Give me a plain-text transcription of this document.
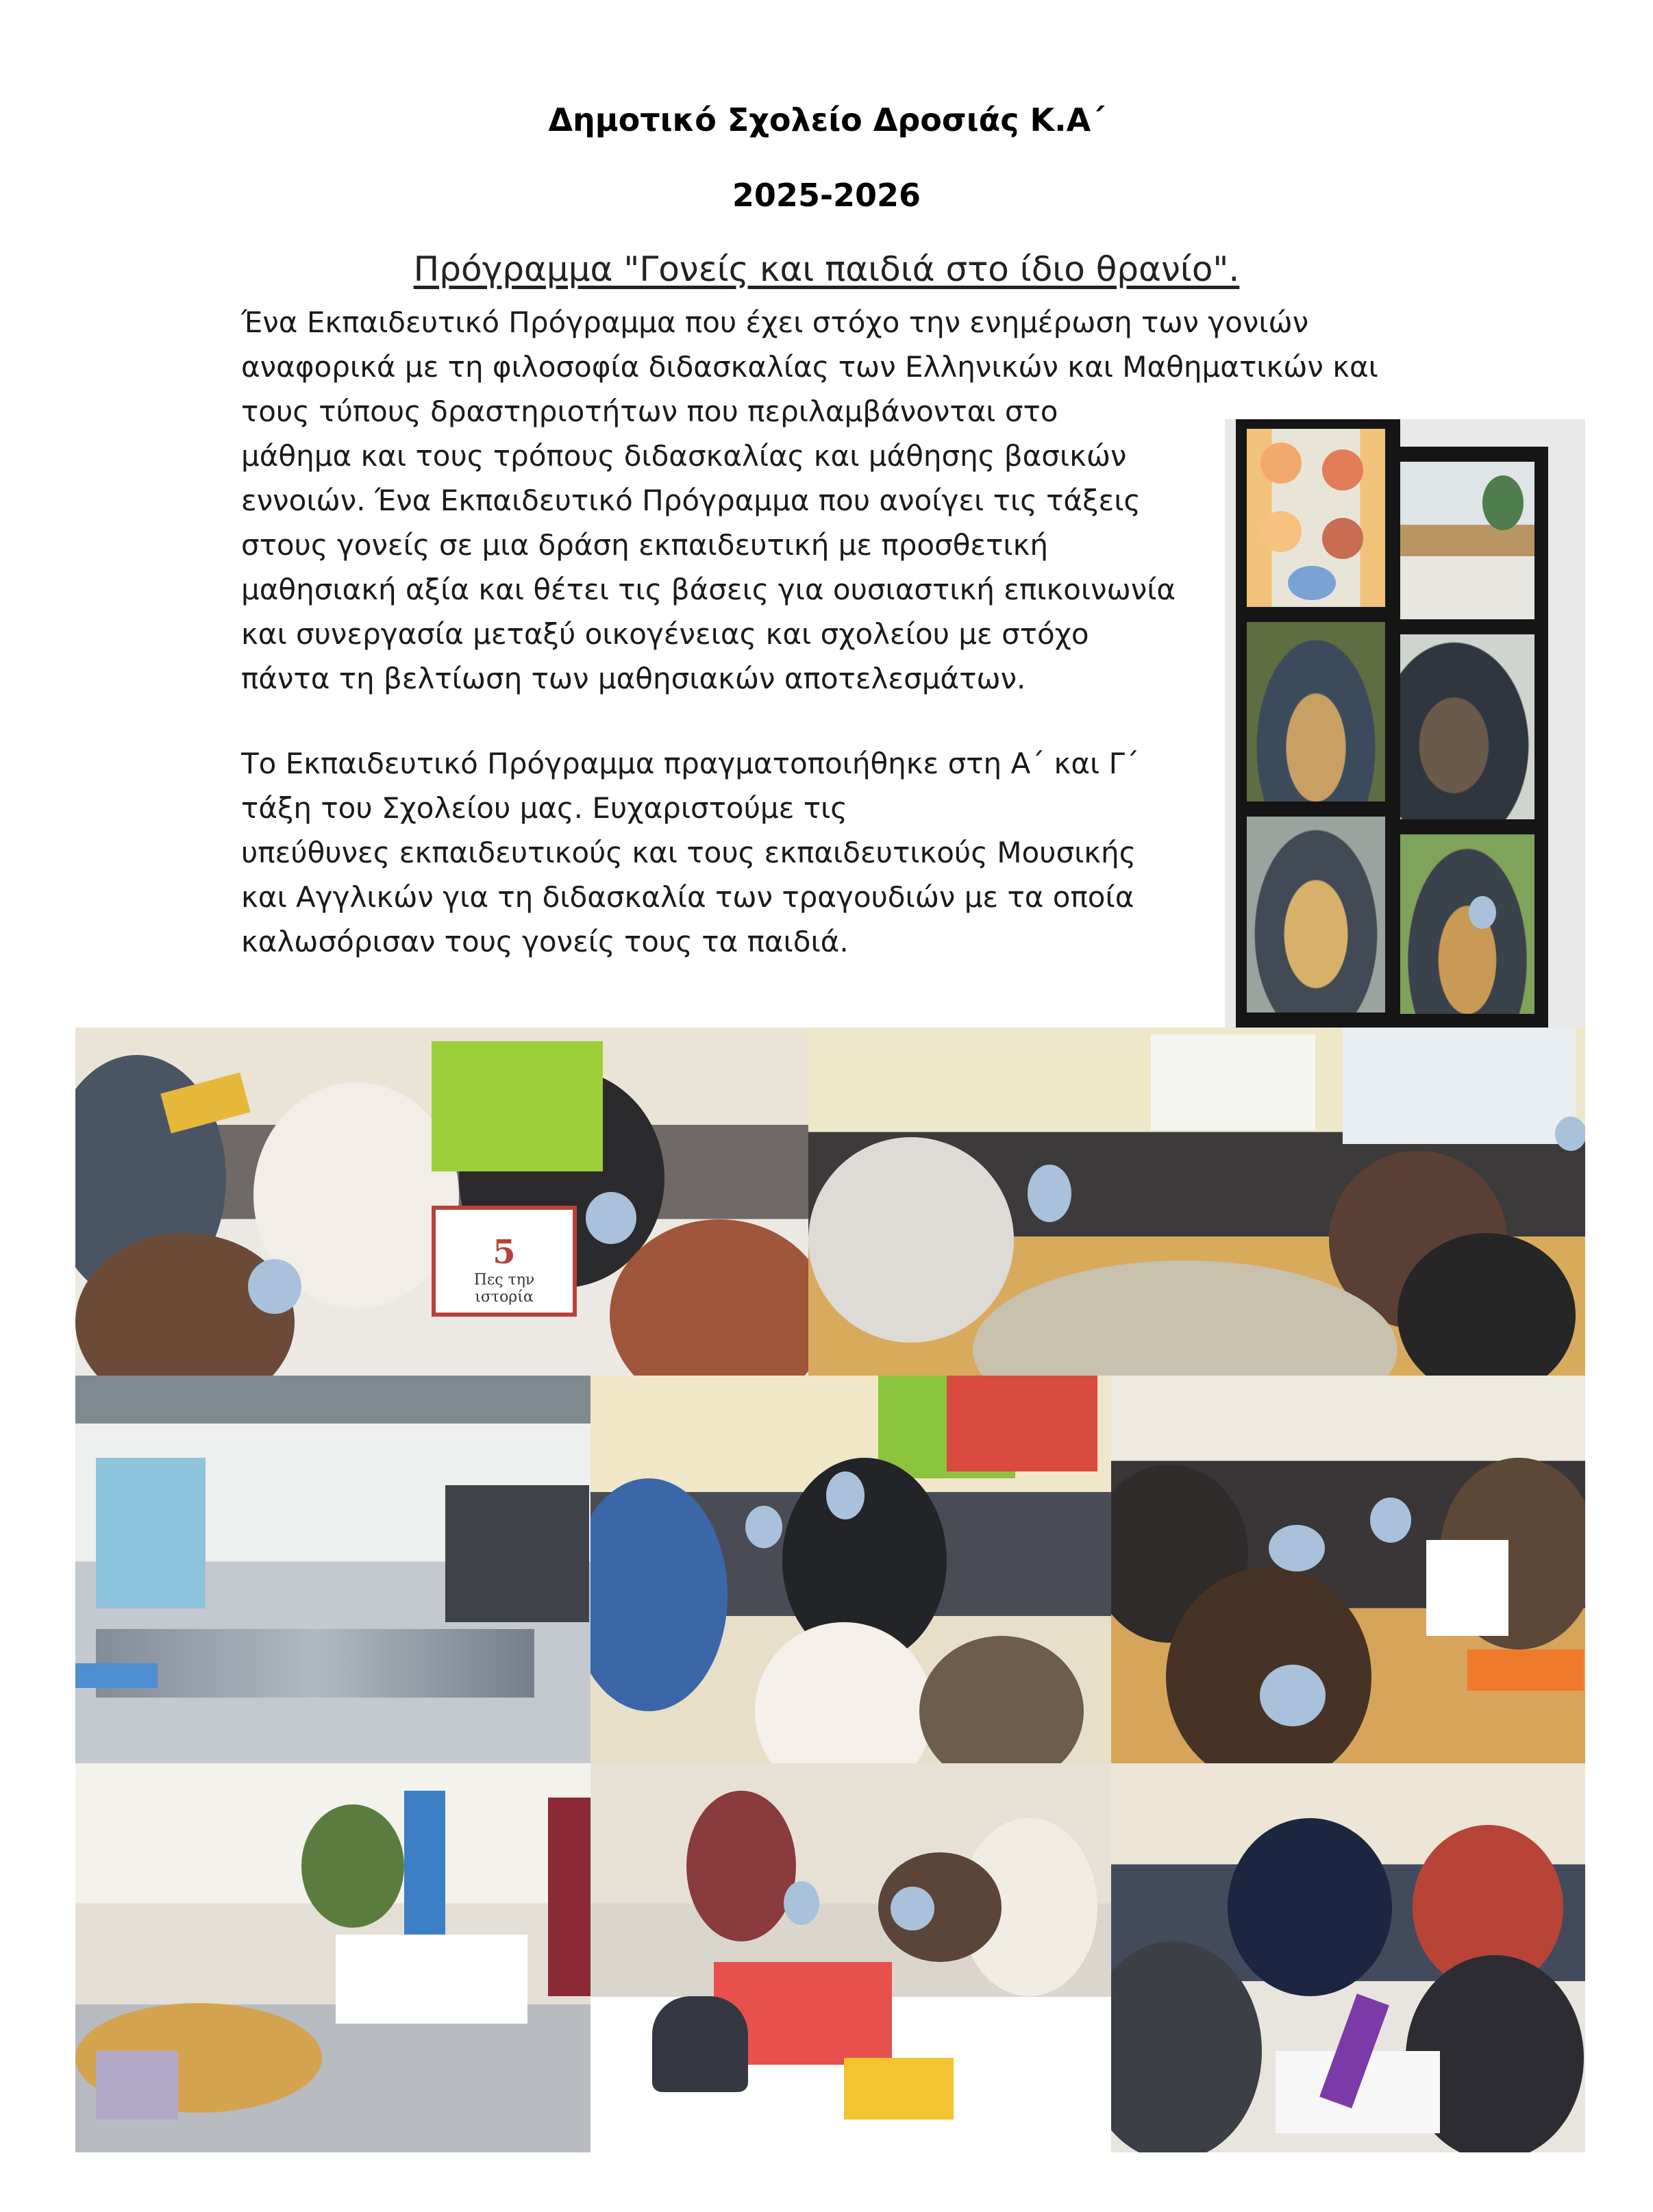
Δημοτικό Σχολείο Δροσιάς Κ.Α΄
2025-2026
Πρόγραμμα "Γονείς και παιδιά στο ίδιο θρανίο".

Ένα Εκπαιδευτικό Πρόγραμμα που έχει στόχο την ενημέρωση των γονιών
αναφορικά με τη φιλοσοφία διδασκαλίας των Ελληνικών και Μαθηματικών και
τους τύπους δραστηριοτήτων που περιλαμβάνονται στο
μάθημα και τους τρόπους διδασκαλίας και μάθησης βασικών
εννοιών. Ένα Εκπαιδευτικό Πρόγραμμα που ανοίγει τις τάξεις
στους γονείς σε μια δράση εκπαιδευτική με προσθετική
μαθησιακή αξία και θέτει τις βάσεις για ουσιαστική επικοινωνία
και συνεργασία μεταξύ οικογένειας και σχολείου με στόχο
πάντα τη βελτίωση των μαθησιακών αποτελεσμάτων.

Το Εκπαιδευτικό Πρόγραμμα πραγματοποιήθηκε στη Α΄ και Γ΄
τάξη του Σχολείου μας. Ευχαριστούμε τις
υπεύθυνες εκπαιδευτικούς και τους εκπαιδευτικούς Μουσικής
και Αγγλικών για τη διδασκαλία των τραγουδιών με τα οποία
καλωσόρισαν τους γονείς τους τα παιδιά.

5
Πες την
ιστορία
